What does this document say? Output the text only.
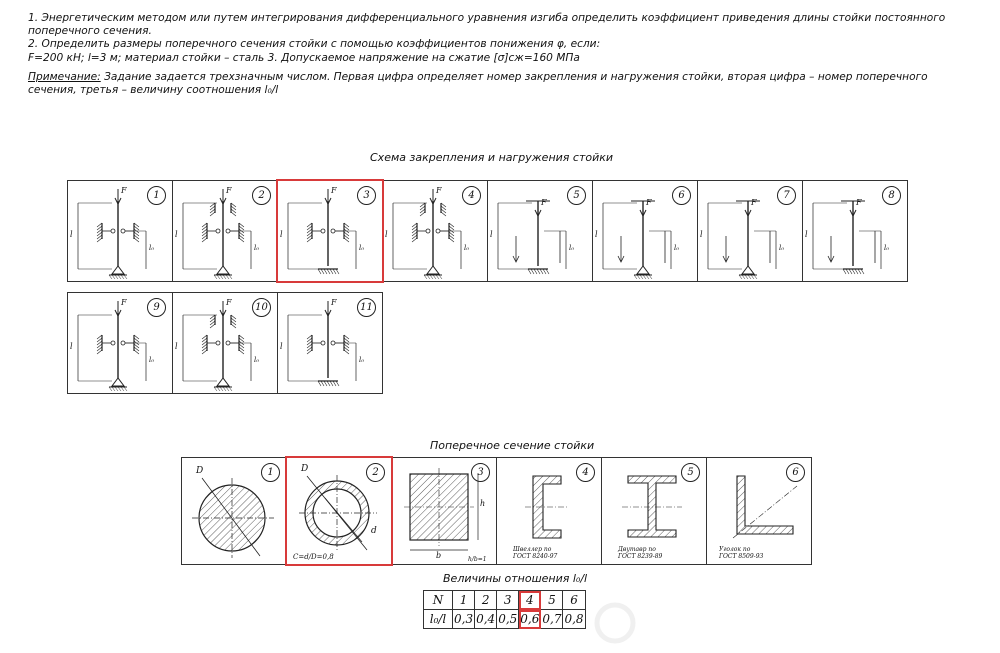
1. Энергетическим методом или путем интегрирования дифференциального уравнения изгиба определить коэффициент приведения длины стойки постоянного поперечного сечения.

2. Определить размеры поперечного сечения стойки с помощью коэффициентов понижения φ, если:

F=200 кН; l=3 м; материал стойки – сталь 3. Допускаемое напряжение на сжатие [σ]сж=160 МПа

Примечание: Задание задается трехзначным числом. Первая цифра определяет номер закрепления и нагружения стойки, вторая цифра – номер поперечного сечения, третья – величину соотношения l₀/l

Схема закрепления и нагружения стойки
F
l
l₀
1	F
l
l₀
2	F
l
l₀
3	F
l
l₀
4
F
l
l₀
5
F
l
l₀
6
F
l
l₀
7
F
l
l₀
8
F
l
l₀
9	F
l
l₀
10	F
l
l₀
11
Поперечное сечение стойки
D	1	D
d
C=d/D=0,8
2
b
h
h/b=1
3
Швеллер по
ГОСТ 8240-97
4
Двутавр по
ГОСТ 8239-89
5
Уголок по
ГОСТ 8509-93
6
Величины отношения l₀/l
N	1	2	3	4	5	6
l₀/l	0,3	0,4	0,5	0,6	0,7	0,8
